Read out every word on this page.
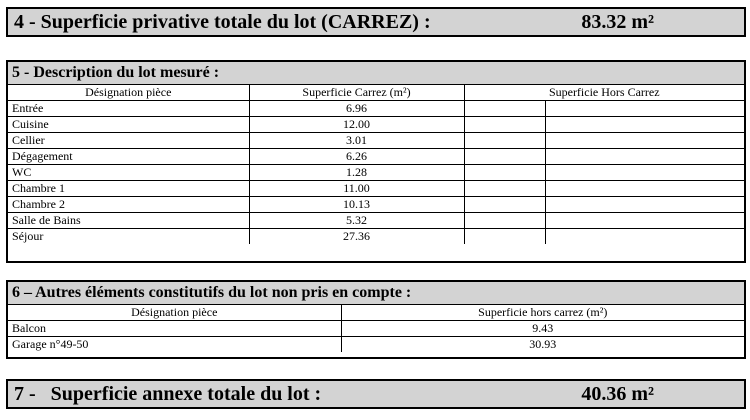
4 - Superficie privative totale du lot (CARREZ) :	83.32 m²
5 - Description du lot mesuré :
Désignation pièce	Superficie Carrez (m²)	Superficie Hors Carrez	
Entrée	6.96		
Cuisine	12.00		
Cellier	3.01		
Dégagement	6.26		
WC	1.28		
Chambre 1	11.00		
Chambre 2	10.13		
Salle de Bains	5.32		
Séjour	27.36		
6 – Autres éléments constitutifs du lot non pris en compte :
Désignation pièce	Superficie hors carrez (m²)
Balcon	9.43
Garage n°49-50	30.93
7 -   Superficie annexe totale du lot :	40.36 m²
